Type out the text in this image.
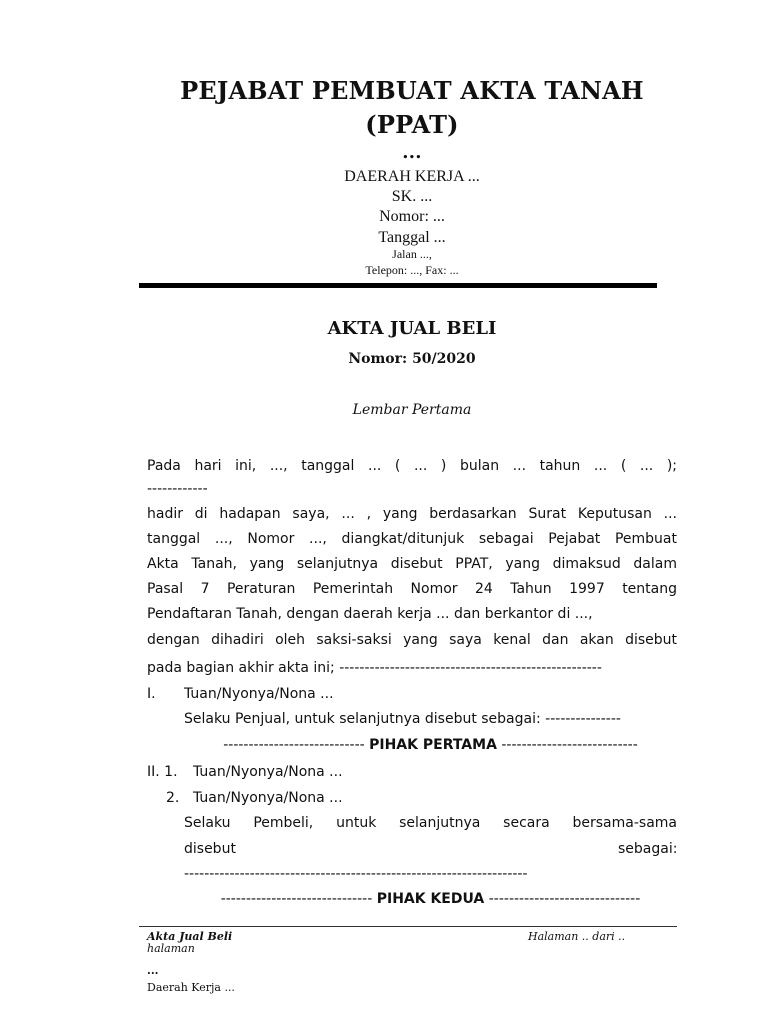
PEJABAT PEMBUAT AKTA TANAH
(PPAT)
...
DAERAH KERJA ...
SK. ...
Nomor: ...
Tanggal ...
Jalan ...,
Telepon: ..., Fax: ...
AKTA JUAL BELI
Nomor: 50/2020
Lembar Pertama
Pada hari ini, ..., tanggal ... ( ... ) bulan ... tahun ... ( ... );
------------
hadir di hadapan saya, ... , yang berdasarkan Surat Keputusan ...
tanggal ..., Nomor ..., diangkat/ditunjuk sebagai Pejabat Pembuat
Akta Tanah, yang selanjutnya disebut PPAT, yang dimaksud dalam
Pasal 7 Peraturan Pemerintah Nomor 24 Tahun 1997 tentang
Pendaftaran Tanah, dengan daerah kerja ... dan berkantor di ...,
dengan dihadiri oleh saksi-saksi yang saya kenal dan akan disebut
pada bagian akhir akta ini; ----------------------------------------------------
I. Tuan/Nyonya/Nona ...
Selaku Penjual, untuk selanjutnya disebut sebagai: ---------------
---------------------------- PIHAK PERTAMA ---------------------------
II. 1. Tuan/Nyonya/Nona ...
2. Tuan/Nyonya/Nona ...
Selaku Pembeli, untuk selanjutnya secara bersama-sama
disebut	sebagai:
--------------------------------------------------------------------
------------------------------ PIHAK KEDUA ------------------------------
Akta Jual Beli	Halaman .. dari ..
halaman
...
Daerah Kerja ...
